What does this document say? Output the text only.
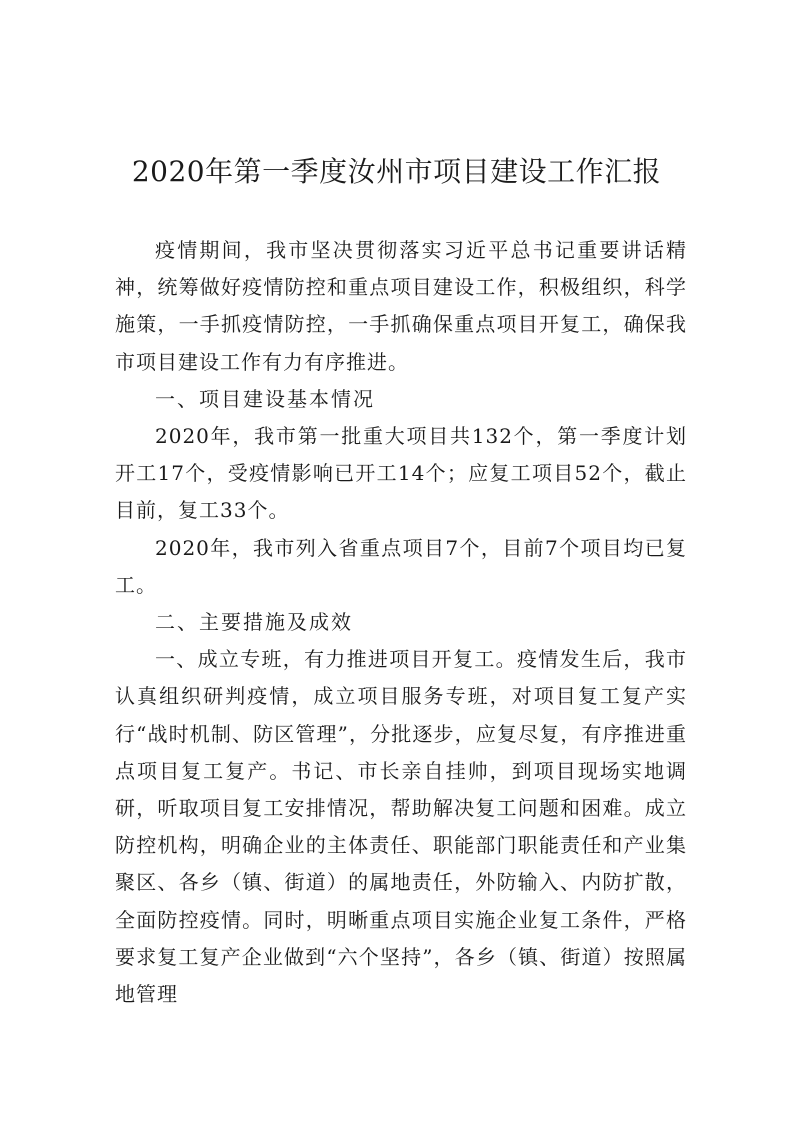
2020年第一季度汝州市项目建设工作汇报

疫情期间，我市坚决贯彻落实习近平总书记重要讲话精神，统筹做好疫情防控和重点项目建设工作，积极组织，科学施策，一手抓疫情防控，一手抓确保重点项目开复工，确保我市项目建设工作有力有序推进。

一、项目建设基本情况

2020年，我市第一批重大项目共132个，第一季度计划开工17个，受疫情影响已开工14个；应复工项目52个，截止目前，复工33个。

2020年，我市列入省重点项目7个，目前7个项目均已复工。

二、主要措施及成效

一、成立专班，有力推进项目开复工。疫情发生后，我市认真组织研判疫情，成立项目服务专班，对项目复工复产实行“战时机制、防区管理”，分批逐步，应复尽复，有序推进重点项目复工复产。书记、市长亲自挂帅，到项目现场实地调研，听取项目复工安排情况，帮助解决复工问题和困难。成立防控机构，明确企业的主体责任、职能部门职能责任和产业集聚区、各乡（镇、街道）的属地责任，外防输入、内防扩散，全面防控疫情。同时，明晰重点项目实施企业复工条件，严格要求复工复产企业做到“六个坚持”，各乡（镇、街道）按照属地管理
